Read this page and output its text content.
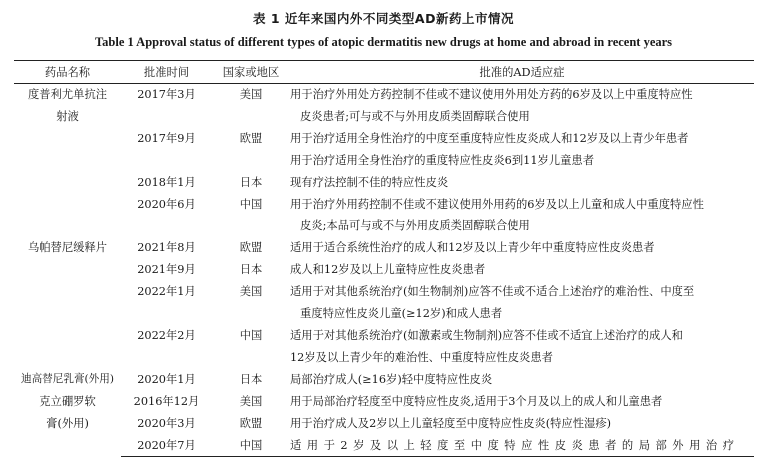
表 1 近年来国内外不同类型AD新药上市情况
Table 1 Approval status of different types of atopic dermatitis new drugs at home and abroad in recent years
药品名称	批准时间	国家或地区	批准的AD适应症

度普利尤单抗注
射液	2017年3月	美国	用于治疗外用处方药控制不佳或不建议使用外用处方药的6岁及以上中重度特应性
皮炎患者;可与或不与外用皮质类固醇联合使用

	2017年9月	欧盟	用于治疗适用全身性治疗的中度至重度特应性皮炎成人和12岁及以上青少年患者
用于治疗适用全身性治疗的重度特应性皮炎6到11岁儿童患者

	2018年1月	日本	现有疗法控制不佳的特应性皮炎

	2020年6月	中国	用于治疗外用药控制不佳或不建议使用外用药的6岁及以上儿童和成人中重度特应性
皮炎;本品可与或不与外用皮质类固醇联合使用

乌帕替尼缓释片	2021年8月	欧盟	适用于适合系统性治疗的成人和12岁及以上青少年中重度特应性皮炎患者

	2021年9月	日本	成人和12岁及以上儿童特应性皮炎患者

	2022年1月	美国	适用于对其他系统治疗(如生物制剂)应答不佳或不适合上述治疗的难治性、中度至
重度特应性皮炎儿童(≥12岁)和成人患者

	2022年2月	中国	适用于对其他系统治疗(如激素或生物制剂)应答不佳或不适宜上述治疗的成人和
12岁及以上青少年的难治性、中重度特应性皮炎患者

迪高替尼乳膏(外用)	2020年1月	日本	局部治疗成人(≥16岁)轻中度特应性皮炎

克立硼罗软
膏(外用)	2016年12月	美国	用于局部治疗轻度至中度特应性皮炎,适用于3个月及以上的成人和儿童患者

	2020年3月	欧盟	用于治疗成人及2岁以上儿童轻度至中度特应性皮炎(特应性湿疹)

	2020年7月	中国	适用于2岁及以上轻度至中度特应性皮炎患者的局部外用治疗
